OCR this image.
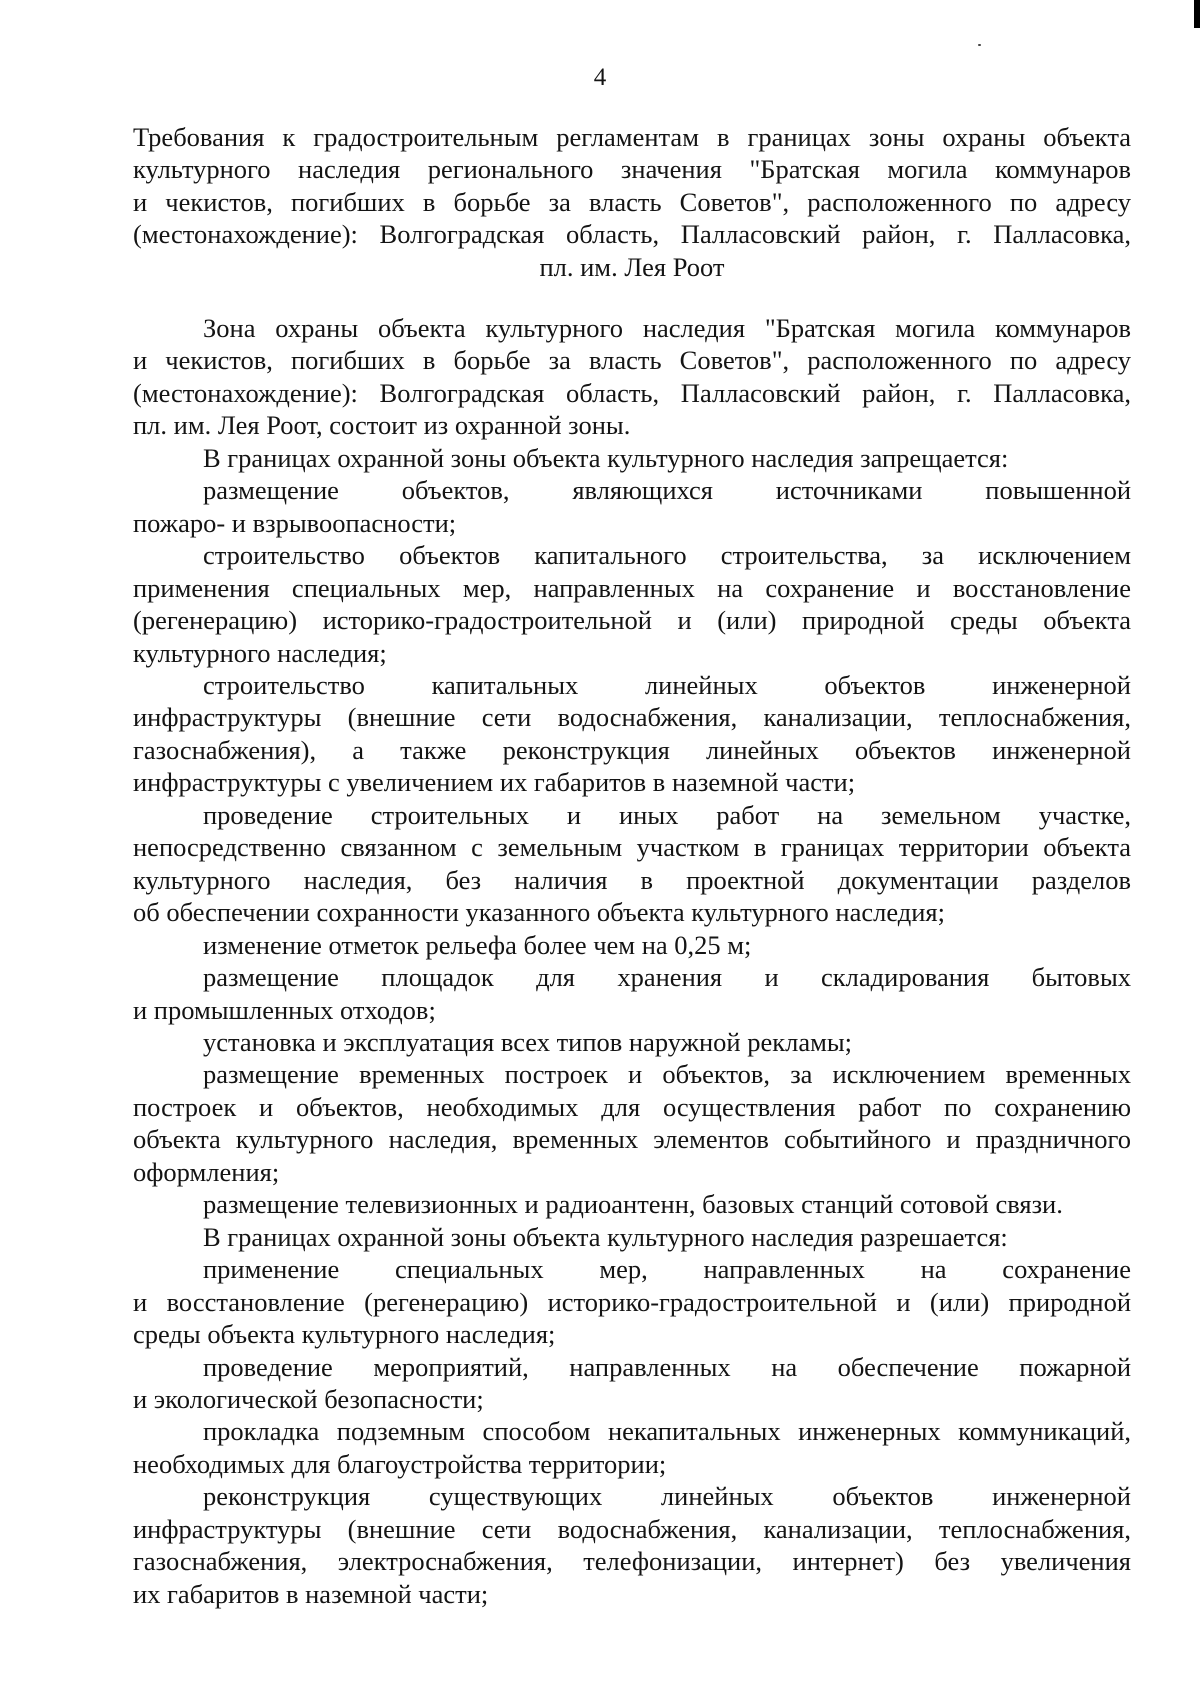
4
Требования к градостроительным регламентам в границах зоны охраны объекта
культурного наследия регионального значения "Братская могила коммунаров
и чекистов, погибших в борьбе за власть Советов", расположенного по адресу
(местонахождение): Волгоградская область, Палласовский район, г. Палласовка,
пл. им. Лея Роот
Зона охраны объекта культурного наследия "Братская могила коммунаров
и чекистов, погибших в борьбе за власть Советов", расположенного по адресу
(местонахождение): Волгоградская область, Палласовский район, г. Палласовка,
пл. им. Лея Роот, состоит из охранной зоны.
В границах охранной зоны объекта культурного наследия запрещается:
размещение объектов, являющихся источниками повышенной
пожаро- и взрывоопасности;
строительство объектов капитального строительства, за исключением
применения специальных мер, направленных на сохранение и восстановление
(регенерацию) историко-градостроительной и (или) природной среды объекта
культурного наследия;
строительство капитальных линейных объектов инженерной
инфраструктуры (внешние сети водоснабжения, канализации, теплоснабжения,
газоснабжения), а также реконструкция линейных объектов инженерной
инфраструктуры с увеличением их габаритов в наземной части;
проведение строительных и иных работ на земельном участке,
непосредственно связанном с земельным участком в границах территории объекта
культурного наследия, без наличия в проектной документации разделов
об обеспечении сохранности указанного объекта культурного наследия;
изменение отметок рельефа более чем на 0,25 м;
размещение площадок для хранения и складирования бытовых
и промышленных отходов;
установка и эксплуатация всех типов наружной рекламы;
размещение временных построек и объектов, за исключением временных
построек и объектов, необходимых для осуществления работ по сохранению
объекта культурного наследия, временных элементов событийного и праздничного
оформления;
размещение телевизионных и радиоантенн, базовых станций сотовой связи.
В границах охранной зоны объекта культурного наследия разрешается:
применение специальных мер, направленных на сохранение
и восстановление (регенерацию) историко-градостроительной и (или) природной
среды объекта культурного наследия;
проведение мероприятий, направленных на обеспечение пожарной
и экологической безопасности;
прокладка подземным способом некапитальных инженерных коммуникаций,
необходимых для благоустройства территории;
реконструкция существующих линейных объектов инженерной
инфраструктуры (внешние сети водоснабжения, канализации, теплоснабжения,
газоснабжения, электроснабжения, телефонизации, интернет) без увеличения
их габаритов в наземной части;
